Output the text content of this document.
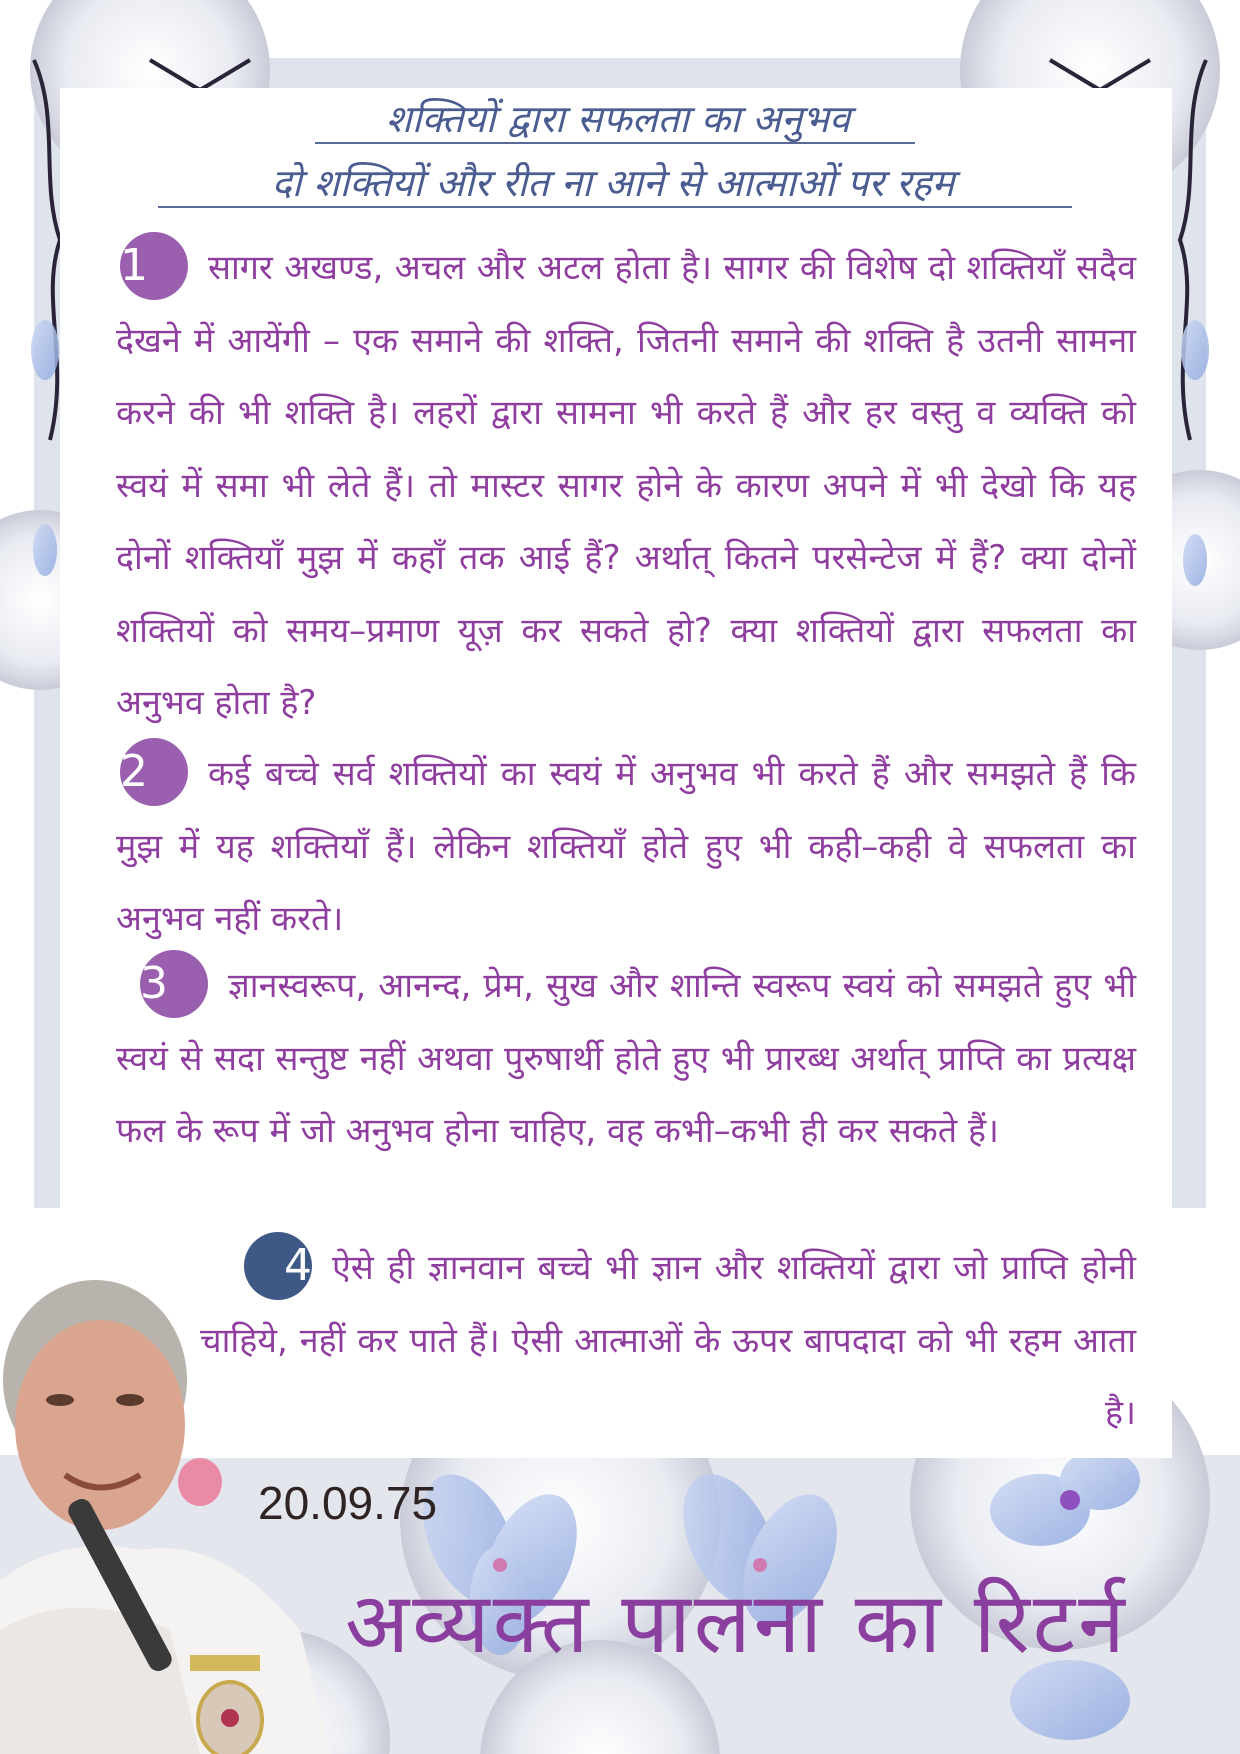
शक्तियों द्वारा सफलता का अनुभव
दो शक्तियों और रीत ना आने से आत्माओं पर रहम

1 सागर अखण्ड, अचल और अटल होता है। सागर की विशेष दो शक्तियाँ सदैव देखने में आयेंगी – एक समाने की शक्ति, जितनी समाने की शक्ति है उतनी सामना करने की भी शक्ति है। लहरों द्वारा सामना भी करते हैं और हर वस्तु व व्यक्ति को स्वयं में समा भी लेते हैं। तो मास्टर सागर होने के कारण अपने में भी देखो कि यह दोनों शक्तियाँ मुझ में कहाँ तक आई हैं? अर्थात् कितने परसेन्टेज में हैं? क्या दोनों शक्तियों को समय–प्रमाण यूज़ कर सकते हो? क्या शक्तियों द्वारा सफलता का अनुभव होता है?

2 कई बच्चे सर्व शक्तियों का स्वयं में अनुभव भी करते हैं और समझते हैं कि मुझ में यह शक्तियाँ हैं। लेकिन शक्तियाँ होते हुए भी कही–कही वे सफलता का अनुभव नहीं करते।

3 ज्ञानस्वरूप, आनन्द, प्रेम, सुख और शान्ति स्वरूप स्वयं को समझते हुए भी स्वयं से सदा सन्तुष्ट नहीं अथवा पुरुषार्थी होते हुए भी प्रारब्ध अर्थात् प्राप्ति का प्रत्यक्ष फल के रूप में जो अनुभव होना चाहिए, वह कभी–कभी ही कर सकते हैं।

4 ऐसे ही ज्ञानवान बच्चे भी ज्ञान और शक्तियों द्वारा जो प्राप्ति होनी चाहिये, नहीं कर पाते हैं। ऐसी आत्माओं के ऊपर बापदादा को भी रहम आता है।

20.09.75
अव्यक्त पालना का रिटर्न
